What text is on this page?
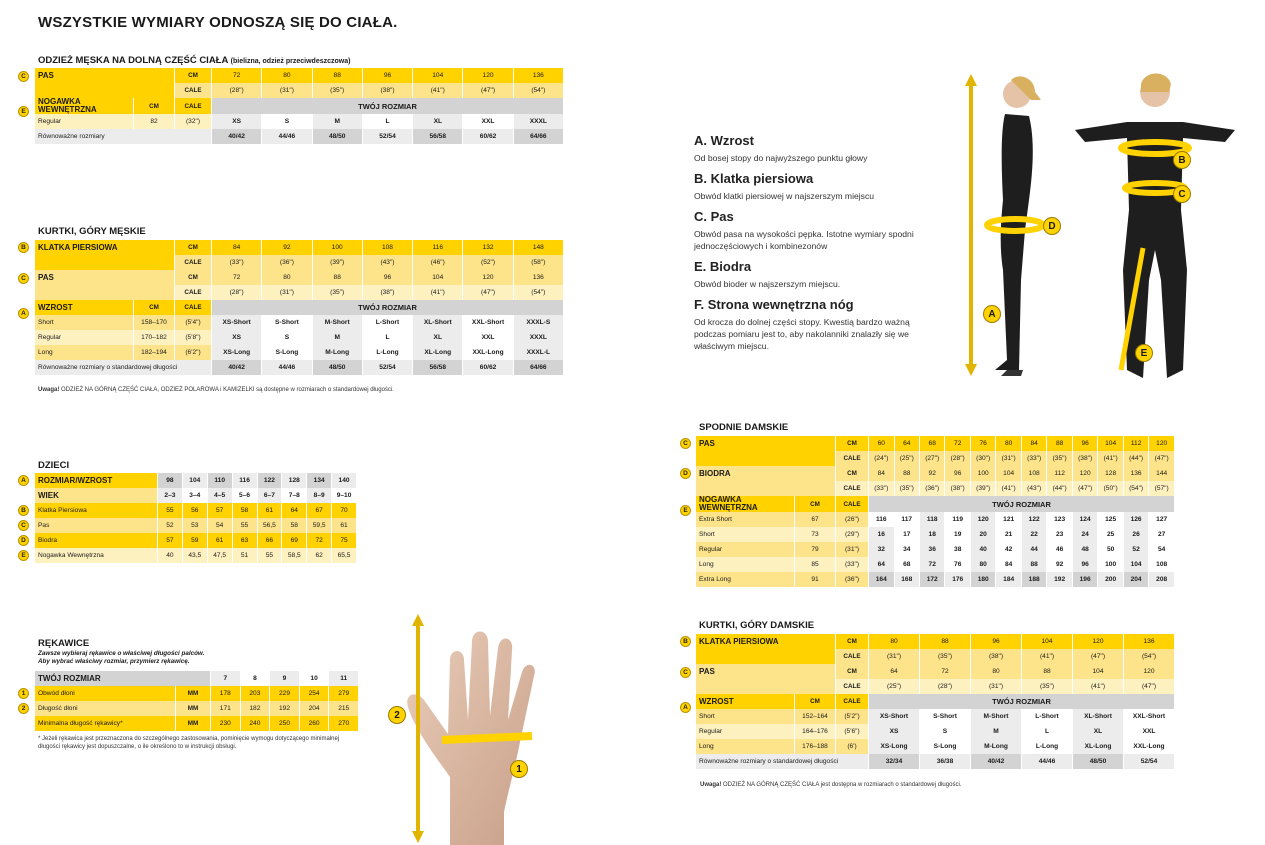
WSZYSTKIE WYMIARY ODNOSZĄ SIĘ DO CIAŁA.
ODZIEŻ MĘSKA NA DOLNĄ CZĘŚĆ CIAŁA (bielizna, odzież przeciwdeszczowa)
C
E
PAS		CM	72	80	88	96	104	120	136
		CALE	(28")	(31")	(35")	(38")	(41")	(47")	(54")
NOGAWKA WEWNĘTRZNA	CM	CALE	TWÓJ ROZMIAR						
Regular	82	(32")	XS	S	M	L	XL	XXL	XXXL
Równoważne rozmiary			40/42	44/46	48/50	52/54	56/58	60/62	64/66
KURTKI, GÓRY MĘSKIE
B
C
A
KLATKA PIERSIOWA		CM	84	92	100	108	116	132	148
		CALE	(33")	(36")	(39")	(43")	(46")	(52")	(58")
PAS		CM	72	80	88	96	104	120	136
		CALE	(28")	(31")	(35")	(38")	(41")	(47")	(54")
WZROST	CM	CALE	TWÓJ ROZMIAR						
Short	158–170	(5'4")	XS-Short	S-Short	M-Short	L-Short	XL-Short	XXL-Short	XXXL-S
Regular	170–182	(5'8")	XS	S	M	L	XL	XXL	XXXL
Long	182–194	(6'2")	XS-Long	S-Long	M-Long	L-Long	XL-Long	XXL-Long	XXXL-L
Równoważne rozmiary o standardowej długości			40/42	44/46	48/50	52/54	56/58	60/62	64/66
Uwaga! ODZIEŻ NA GÓRNĄ CZĘŚĆ CIAŁA, ODZIEŻ POLAROWA i KAMIZELKI są dostępne w rozmiarach o standardowej długości.
DZIECI
A
B
C
D
E
ROZMIAR/WZROST	98	104	110	116	122	128	134	140
WIEK	2–3	3–4	4–5	5–6	6–7	7–8	8–9	9–10
Klatka Piersiowa	55	56	57	58	61	64	67	70
Pas	52	53	54	55	56,5	58	59,5	61
Biodra	57	59	61	63	66	69	72	75
Nogawka Wewnętrzna	40	43,5	47,5	51	55	58,5	62	65,5
RĘKAWICE
Zawsze wybieraj rękawice o właściwej długości palców.
Aby wybrać właściwy rozmiar, przymierz rękawicę.
1
2
TWÓJ ROZMIAR		7	8	9	10	11
Obwód dłoni	MM	178	203	229	254	279
Długość dłoni	MM	171	182	192	204	215
Minimalna długość rękawicy*	MM	230	240	250	260	270
* Jeżeli rękawica jest przeznaczona do szczególnego zastosowania, pominięcie wymogu dotyczącego minimalnej długości rękawicy jest dopuszczalne, o ile określono to w instrukcji obsługi.
2
1
A. Wzrost
Od bosej stopy do najwyższego punktu głowy
B. Klatka piersiowa
Obwód klatki piersiowej w najszerszym miejscu
C. Pas
Obwód pasa na wysokości pępka. Istotne wymiary spodni jednoczęściowych i kombinezonów
E. Biodra
Obwód bioder w najszerszym miejscu.
F. Strona wewnętrzna nóg
Od krocza do dolnej części stopy. Kwestią bardzo ważną podczas pomiaru jest to, aby nakolanniki znalazły się we właściwym miejscu.
A
B
C
D
E
SPODNIE DAMSKIE
C
D
E
PAS		CM	60	64	68	72	76	80	84	88	96	104	112	120
		CALE	(24")	(25")	(27")	(28")	(30")	(31")	(33")	(35")	(38")	(41")	(44")	(47")
BIODRA		CM	84	88	92	96	100	104	108	112	120	128	136	144
		CALE	(33")	(35")	(36")	(38")	(39")	(41")	(43")	(44")	(47")	(50")	(54")	(57")
NOGAWKA WEWNĘTRZNA	CM	CALE	TWÓJ ROZMIAR											
Extra Short	67	(26")	116	117	118	119	120	121	122	123	124	125	126	127
Short	73	(29")	16	17	18	19	20	21	22	23	24	25	26	27
Regular	79	(31")	32	34	36	38	40	42	44	46	48	50	52	54
Long	85	(33")	64	68	72	76	80	84	88	92	96	100	104	108
Extra Long	91	(36")	164	168	172	176	180	184	188	192	196	200	204	208
KURTKI, GÓRY DAMSKIE
B
C
A
KLATKA PIERSIOWA		CM	80	88	96	104	120	136
		CALE	(31")	(35")	(38")	(41")	(47")	(54")
PAS		CM	64	72	80	88	104	120
		CALE	(25")	(28")	(31")	(35")	(41")	(47")
WZROST	CM	CALE	TWÓJ ROZMIAR					
Short	152–164	(5'2")	XS-Short	S-Short	M-Short	L-Short	XL-Short	XXL-Short
Regular	164–176	(5'6")	XS	S	M	L	XL	XXL
Long	176–188	(6')	XS-Long	S-Long	M-Long	L-Long	XL-Long	XXL-Long
Równoważne rozmiary o standardowej długości			32/34	36/38	40/42	44/46	48/50	52/54
Uwaga! ODZIEŻ NA GÓRNĄ CZĘŚĆ CIAŁA jest dostępna w rozmiarach o standardowej długości.
